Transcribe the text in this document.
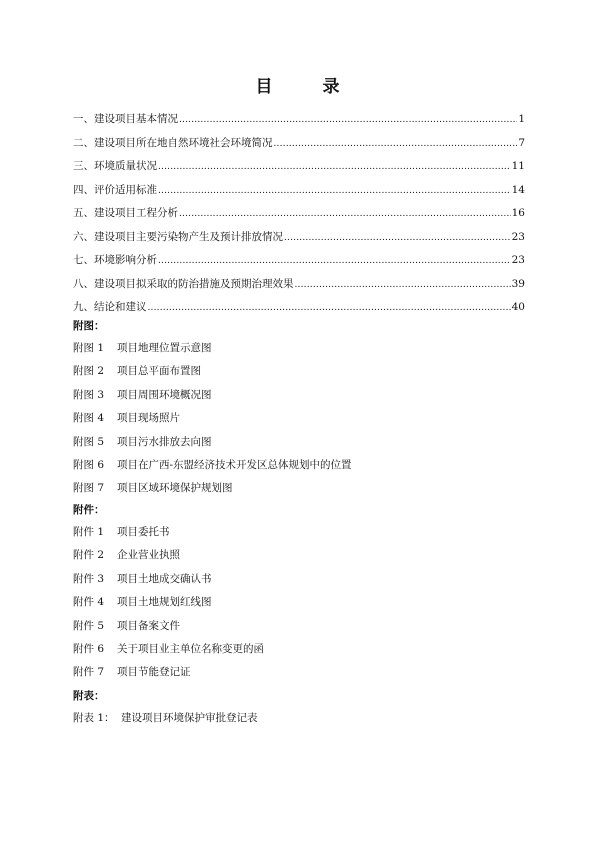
目 录
一、建设项目基本情况 .....	1
二、建设项目所在地自然环境社会环境简况 .....	7
三、环境质量状况 .....	11
四、评价适用标准 .....	14
五、建设项目工程分析 .....	16
六、建设项目主要污染物产生及预计排放情况 .....	23
七、环境影响分析 .....	23
八、建设项目拟采取的防治措施及预期治理效果 .....	39
九、结论和建议 .....	40
附图：
附图 1 项目地理位置示意图
附图 2 项目总平面布置图
附图 3 项目周围环境概况图
附图 4 项目现场照片
附图 5 项目污水排放去向图
附图 6 项目在广西-东盟经济技术开发区总体规划中的位置
附图 7 项目区域环境保护规划图
附件：
附件 1 项目委托书
附件 2 企业营业执照
附件 3 项目土地成交确认书
附件 4 项目土地规划红线图
附件 5 项目备案文件
附件 6 关于项目业主单位名称变更的函
附件 7 项目节能登记证
附表：
附表 1： 建设项目环境保护审批登记表
